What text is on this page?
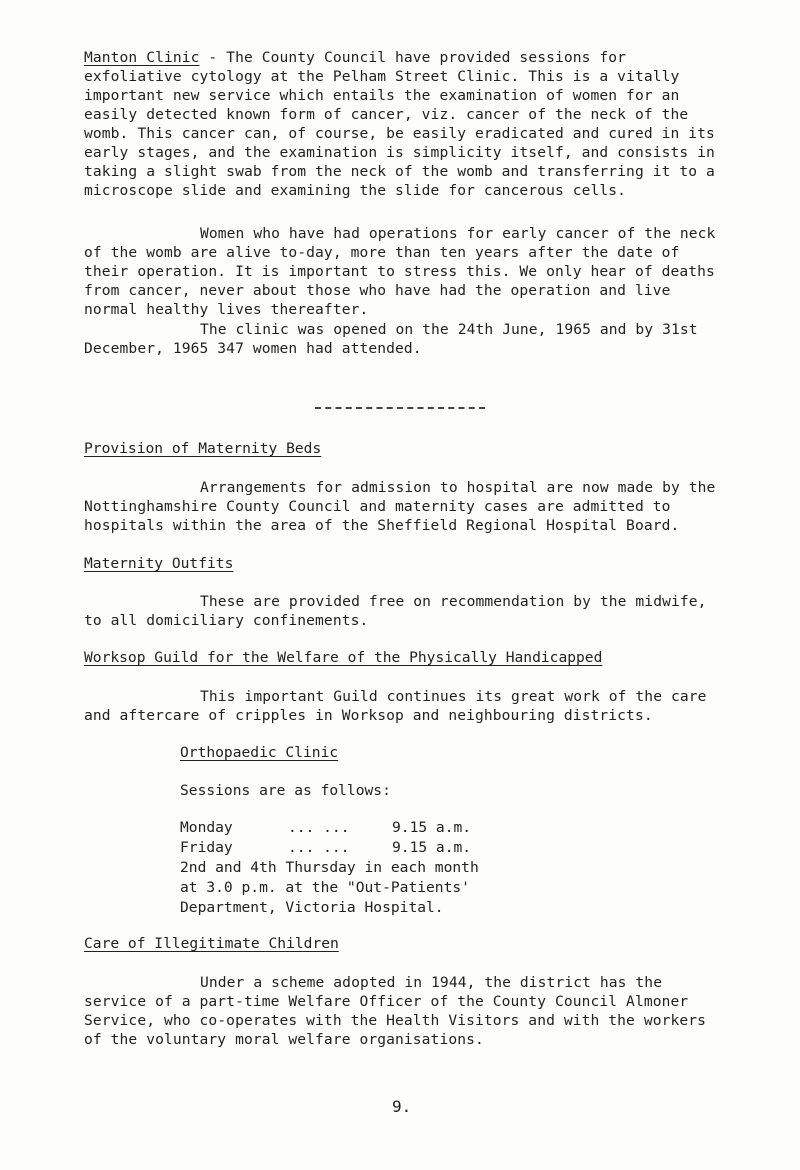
Manton Clinic - The County Council have provided sessions for exfoliative cytology at the Pelham Street Clinic. This is a vitally important new service which entails the examination of women for an easily detected known form of cancer, viz. cancer of the neck of the womb. This cancer can, of course, be easily eradicated and cured in its early stages, and the examination is simplicity itself, and consists in taking a slight swab from the neck of the womb and transferring it to a microscope slide and examining the slide for cancerous cells.

Women who have had operations for early cancer of the neck of the womb are alive to-day, more than ten years after the date of their operation. It is important to stress this. We only hear of deaths from cancer, never about those who have had the operation and live normal healthy lives thereafter.

The clinic was opened on the 24th June, 1965 and by 31st December, 1965 347 women had attended.

Provision of Maternity Beds

Arrangements for admission to hospital are now made by the Nottinghamshire County Council and maternity cases are admitted to hospitals within the area of the Sheffield Regional Hospital Board.

Maternity Outfits

These are provided free on recommendation by the midwife, to all domiciliary confinements.

Worksop Guild for the Welfare of the Physically Handicapped

This important Guild continues its great work of the care and aftercare of cripples in Worksop and neighbouring districts.

Orthopaedic Clinic

Sessions are as follows:

Monday	... ...	9.15 a.m.
Friday	... ...	9.15 a.m.
2nd and 4th Thursday in each month
at 3.0 p.m. at the "Out-Patients'
Department, Victoria Hospital.

Care of Illegitimate Children

Under a scheme adopted in 1944, the district has the service of a part-time Welfare Officer of the County Council Almoner Service, who co-operates with the Health Visitors and with the workers of the voluntary moral welfare organisations.

9.
